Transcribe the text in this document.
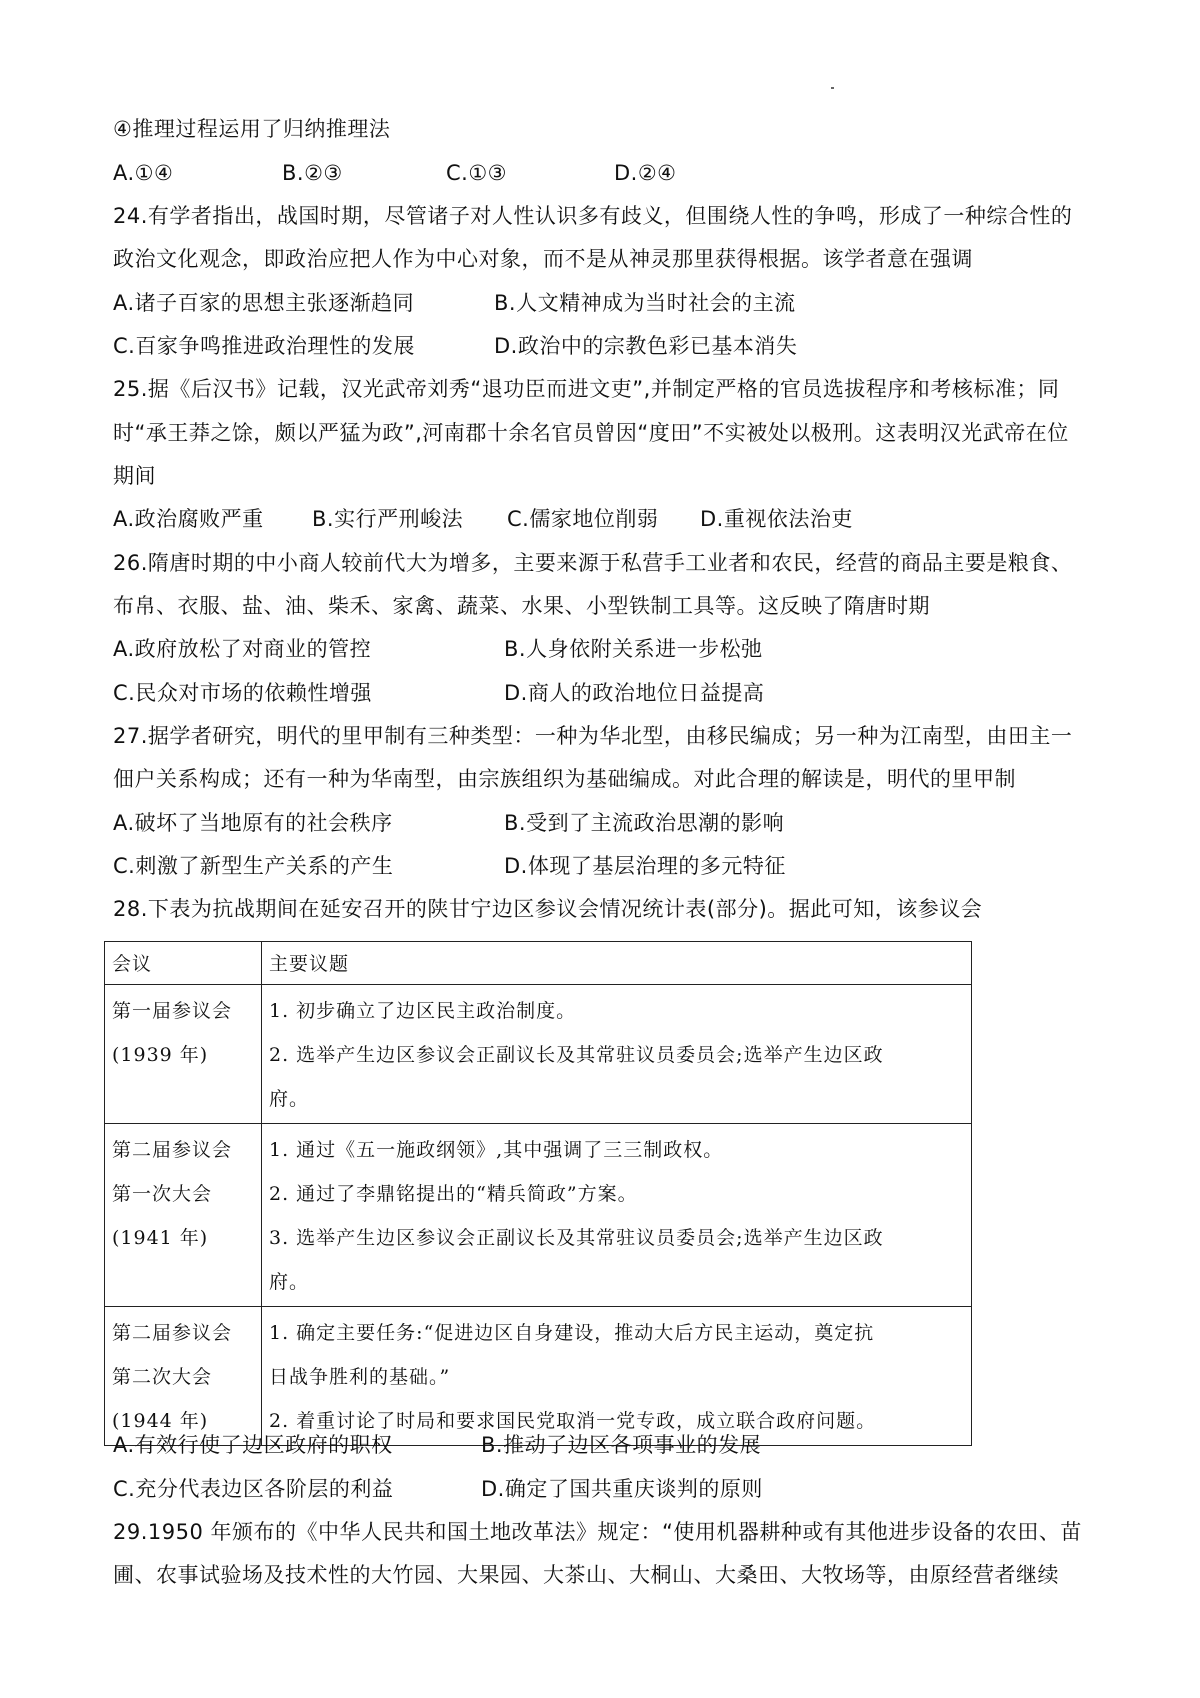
④推理过程运用了归纳推理法
A.①④	B.②③	C.①③	D.②④
24.有学者指出，战国时期，尽管诸子对人性认识多有歧义，但围绕人性的争鸣，形成了一种综合性的
政治文化观念，即政治应把人作为中心对象，而不是从神灵那里获得根据。该学者意在强调
A.诸子百家的思想主张逐渐趋同	B.人文精神成为当时社会的主流
C.百家争鸣推进政治理性的发展	D.政治中的宗教色彩已基本消失
25.据《后汉书》记载，汉光武帝刘秀“退功臣而进文吏”,并制定严格的官员选拔程序和考核标准；同
时“承王莽之馀，颇以严猛为政”,河南郡十余名官员曾因“度田”不实被处以极刑。这表明汉光武帝在位
期间
A.政治腐败严重 B.实行严刑峻法 C.儒家地位削弱 D.重视依法治吏
26.隋唐时期的中小商人较前代大为增多，主要来源于私营手工业者和农民，经营的商品主要是粮食、
布帛、衣服、盐、油、柴禾、家禽、蔬菜、水果、小型铁制工具等。这反映了隋唐时期
A.政府放松了对商业的管控	B.人身依附关系进一步松弛
C.民众对市场的依赖性增强	D.商人的政治地位日益提高
27.据学者研究，明代的里甲制有三种类型：一种为华北型，由移民编成；另一种为江南型，由田主一
佃户关系构成；还有一种为华南型，由宗族组织为基础编成。对此合理的解读是，明代的里甲制
A.破坏了当地原有的社会秩序	B.受到了主流政治思潮的影响
C.刺激了新型生产关系的产生	D.体现了基层治理的多元特征
28.下表为抗战期间在延安召开的陕甘宁边区参议会情况统计表(部分)。据此可知，该参议会
会议	主要议题

第一届参议会
(1939 年)	1. 初步确立了边区民主政治制度。
2. 选举产生边区参议会正副议长及其常驻议员委员会;选举产生边区政
府。

第二届参议会
第一次大会
(1941 年)	1. 通过《五一施政纲领》,其中强调了三三制政权。
2. 通过了李鼎铭提出的“精兵简政”方案。
3. 选举产生边区参议会正副议长及其常驻议员委员会;选举产生边区政
府。

第二届参议会
第二次大会
(1944 年)	1. 确定主要任务:“促进边区自身建设，推动大后方民主运动，奠定抗
日战争胜利的基础。”
2. 着重讨论了时局和要求国民党取消一党专政，成立联合政府问题。
A.有效行使了边区政府的职权	B.推动了边区各项事业的发展
C.充分代表边区各阶层的利益	D.确定了国共重庆谈判的原则
29.1950 年颁布的《中华人民共和国土地改革法》规定：“使用机器耕种或有其他进步设备的农田、苗
圃、农事试验场及技术性的大竹园、大果园、大茶山、大桐山、大桑田、大牧场等，由原经营者继续
